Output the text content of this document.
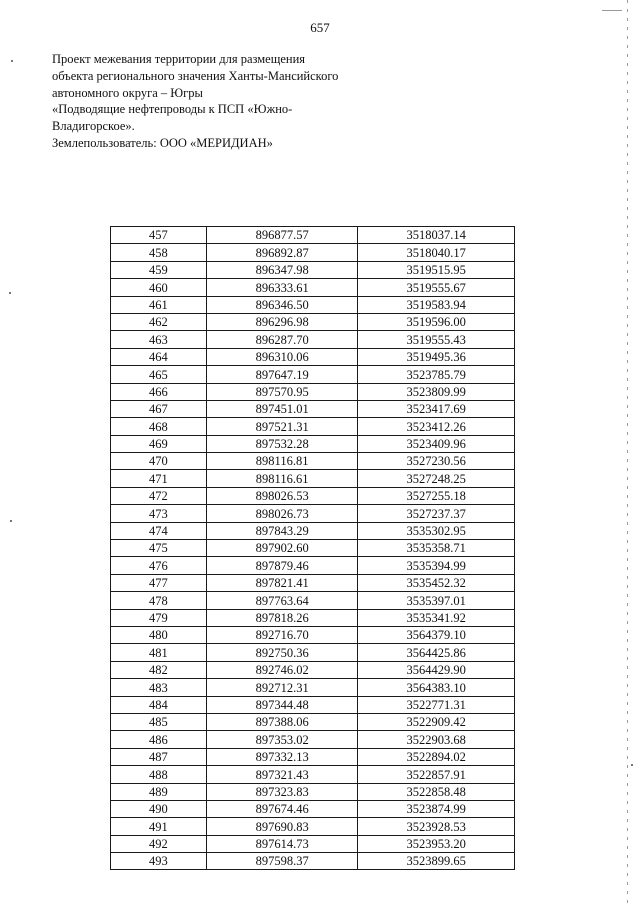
657
Проект межевания территории для размещения
объекта регионального значения Ханты-Мансийского
автономного округа – Югры
«Подводящие нефтепроводы к ПСП «Южно-
Владигорское».
Землепользователь: ООО «МЕРИДИАН»
457	896877.57	3518037.14
458	896892.87	3518040.17
459	896347.98	3519515.95
460	896333.61	3519555.67
461	896346.50	3519583.94
462	896296.98	3519596.00
463	896287.70	3519555.43
464	896310.06	3519495.36
465	897647.19	3523785.79
466	897570.95	3523809.99
467	897451.01	3523417.69
468	897521.31	3523412.26
469	897532.28	3523409.96
470	898116.81	3527230.56
471	898116.61	3527248.25
472	898026.53	3527255.18
473	898026.73	3527237.37
474	897843.29	3535302.95
475	897902.60	3535358.71
476	897879.46	3535394.99
477	897821.41	3535452.32
478	897763.64	3535397.01
479	897818.26	3535341.92
480	892716.70	3564379.10
481	892750.36	3564425.86
482	892746.02	3564429.90
483	892712.31	3564383.10
484	897344.48	3522771.31
485	897388.06	3522909.42
486	897353.02	3522903.68
487	897332.13	3522894.02
488	897321.43	3522857.91
489	897323.83	3522858.48
490	897674.46	3523874.99
491	897690.83	3523928.53
492	897614.73	3523953.20
493	897598.37	3523899.65
